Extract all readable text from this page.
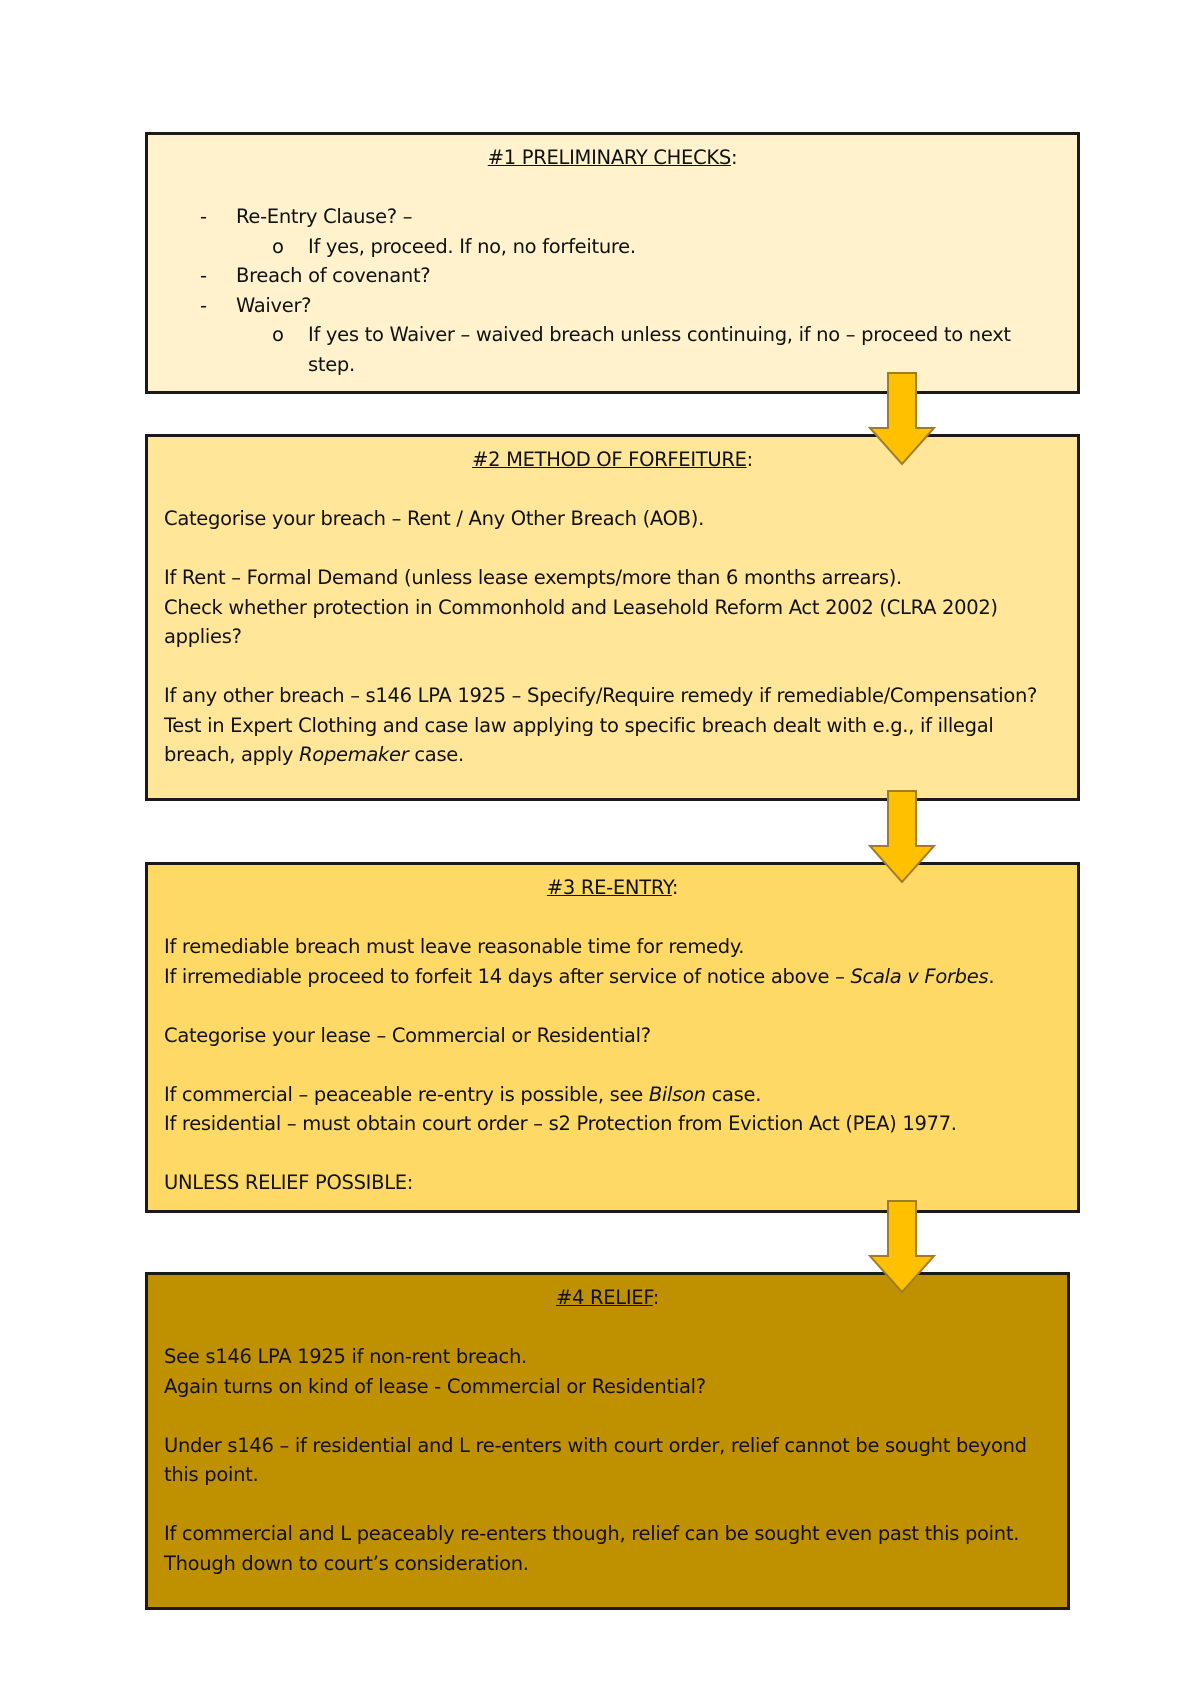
#1 PRELIMINARY CHECKS:

- Re-Entry Clause? –
o If yes, proceed. If no, no forfeiture.
- Breach of covenant?
- Waiver?
o If yes to Waiver – waived breach unless continuing, if no – proceed to next step.

#2 METHOD OF FORFEITURE:

Categorise your breach – Rent / Any Other Breach (AOB).

If Rent – Formal Demand (unless lease exempts/more than 6 months arrears).

Check whether protection in Commonhold and Leasehold Reform Act 2002 (CLRA 2002) applies?

If any other breach – s146 LPA 1925 – Specify/Require remedy if remediable/Compensation? Test in Expert Clothing and case law applying to specific breach dealt with e.g., if illegal breach, apply Ropemaker case.

#3 RE-ENTRY:

If remediable breach must leave reasonable time for remedy.

If irremediable proceed to forfeit 14 days after service of notice above – Scala v Forbes.

Categorise your lease – Commercial or Residential?

If commercial – peaceable re-entry is possible, see Bilson case.

If residential – must obtain court order – s2 Protection from Eviction Act (PEA) 1977.

UNLESS RELIEF POSSIBLE:

#4 RELIEF:

See s146 LPA 1925 if non-rent breach.

Again turns on kind of lease - Commercial or Residential?

Under s146 – if residential and L re-enters with court order, relief cannot be sought beyond this point.

If commercial and L peaceably re-enters though, relief can be sought even past this point. Though down to court’s consideration.
